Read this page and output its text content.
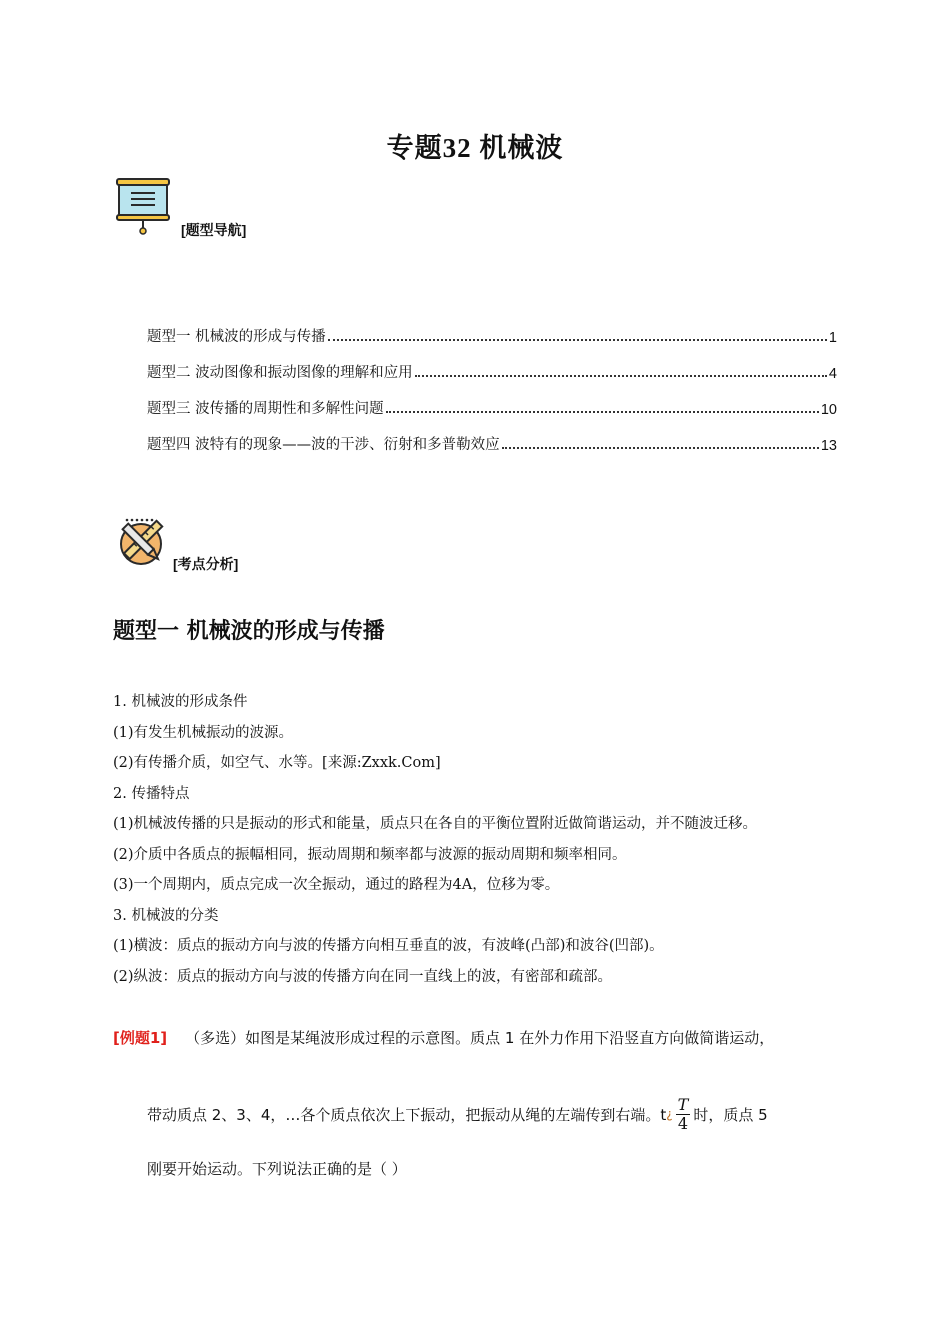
专题32 机械波
[题型导航]
题型一 机械波的形成与传播	1
题型二 波动图像和振动图像的理解和应用	4
题型三 波传播的周期性和多解性问题	10
题型四 波特有的现象——波的干涉、衍射和多普勒效应	13
[考点分析]
题型一 机械波的形成与传播

1. 机械波的形成条件

(1)有发生机械振动的波源。

(2)有传播介质，如空气、水等。[来源:Zxxk.Com]

2. 传播特点

(1)机械波传播的只是振动的形式和能量，质点只在各自的平衡位置附近做简谐运动，并不随波迁移。

(2)介质中各质点的振幅相同，振动周期和频率都与波源的振动周期和频率相同。

(3)一个周期内，质点完成一次全振动，通过的路程为4A，位移为零。

3. 机械波的分类

(1)横波：质点的振动方向与波的传播方向相互垂直的波，有波峰(凸部)和波谷(凹部)。

(2)纵波：质点的振动方向与波的传播方向在同一直线上的波，有密部和疏部。

[例题1] （多选）如图是某绳波形成过程的示意图。质点 1 在外力作用下沿竖直方向做简谐运动，
带动质点 2、3、4，…各个质点依次上下振动，把振动从绳的左端传到右端。t ¿ $\frac{T}{4}$ 时，质点 5
刚要开始运动。下列说法正确的是（ ）
